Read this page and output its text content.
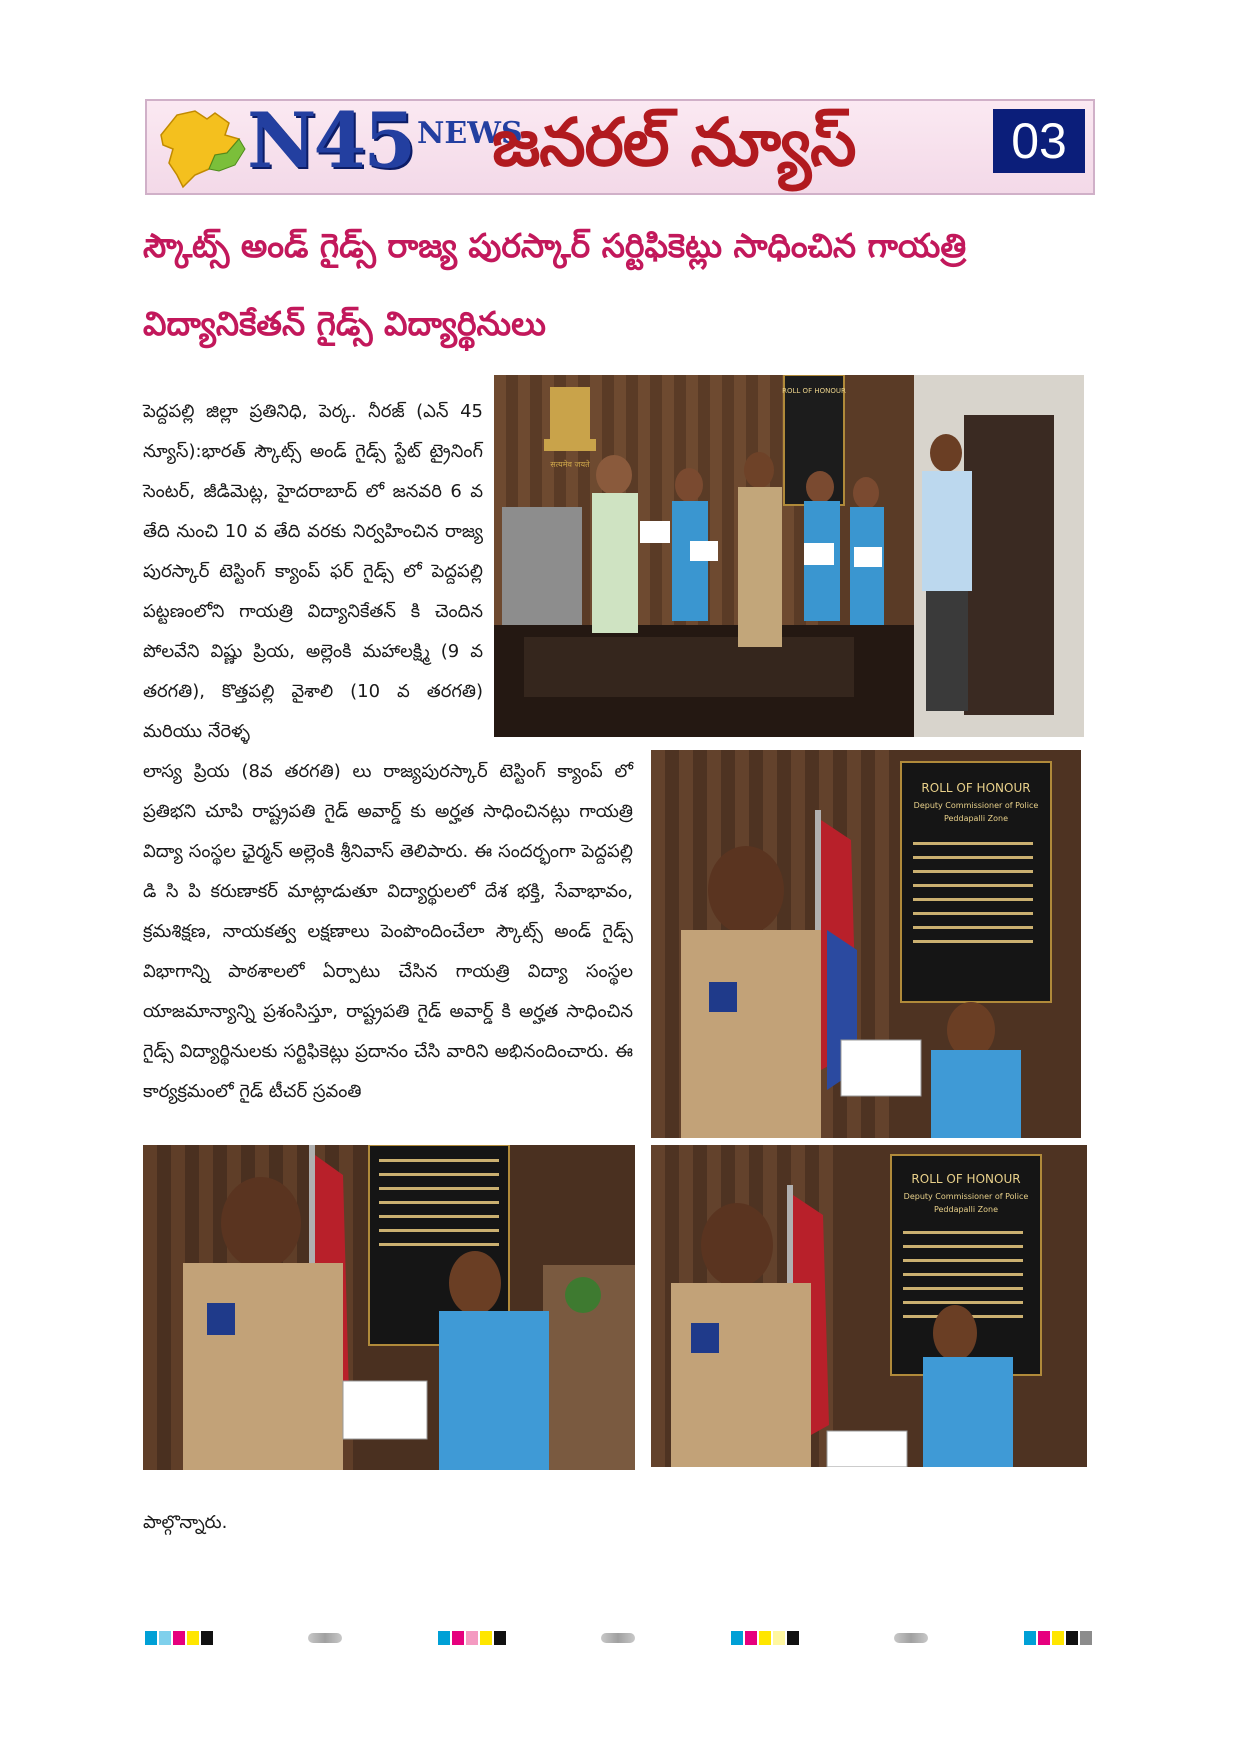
N45 NEWS
జనరల్ న్యూస్	03
స్కౌట్స్ అండ్ గైడ్స్ రాజ్య పురస్కార్ సర్టిఫికెట్లు సాధించిన గాయత్రి
విద్యానికేతన్ గైడ్స్ విద్యార్థినులు

పెద్దపల్లి జిల్లా ప్రతినిధి, పెర్క. నీరజ్ (ఎన్ 45 న్యూస్):భారత్ స్కౌట్స్ అండ్ గైడ్స్ స్టేట్ ట్రైనింగ్ సెంటర్, జీడిమెట్ల, హైదరాబాద్ లో జనవరి 6 వ తేది నుంచి 10 వ తేది వరకు నిర్వహించిన రాజ్య పురస్కార్ టెస్టింగ్ క్యాంప్ ఫర్ గైడ్స్ లో పెద్దపల్లి పట్టణంలోని గాయత్రి విద్యానికేతన్ కి చెందిన పోలవేని విష్ణు ప్రియ, అల్లెంకి మహాలక్ష్మి (9 వ తరగతి), కొత్తపల్లి వైశాలి (10 వ తరగతి) మరియు నేరెళ్ళ

ROLL OF HONOUR
सत्यमेव जयते

లాస్య ప్రియ (8వ తరగతి) లు రాజ్యపురస్కార్ టెస్టింగ్ క్యాంప్ లో ప్రతిభని చూపి రాష్ట్రపతి గైడ్ అవార్డ్ కు అర్హత సాధించినట్లు గాయత్రి విద్యా సంస్థల ఛైర్మన్ అల్లెంకి శ్రీనివాస్ తెలిపారు. ఈ సందర్భంగా పెద్దపల్లి డి సి పి కరుణాకర్ మాట్లాడుతూ విద్యార్థులలో దేశ భక్తి, సేవాభావం, క్రమశిక్షణ, నాయకత్వ లక్షణాలు పెంపొందించేలా స్కౌట్స్ అండ్ గైడ్స్ విభాగాన్ని పాఠశాలలో ఏర్పాటు చేసిన గాయత్రి విద్యా సంస్థల యాజమాన్యాన్ని ప్రశంసిస్తూ, రాష్ట్రపతి గైడ్ అవార్డ్ కి అర్హత సాధించిన గైడ్స్ విద్యార్థినులకు సర్టిఫికెట్లు ప్రదానం చేసి వారిని అభినందించారు. ఈ కార్యక్రమంలో గైడ్ టీచర్ స్రవంతి

ROLL OF HONOUR
Deputy Commissioner of Police
Peddapalli Zone
ROLL OF HONOUR
Deputy Commissioner of Police
Peddapalli Zone

పాల్గొన్నారు.
